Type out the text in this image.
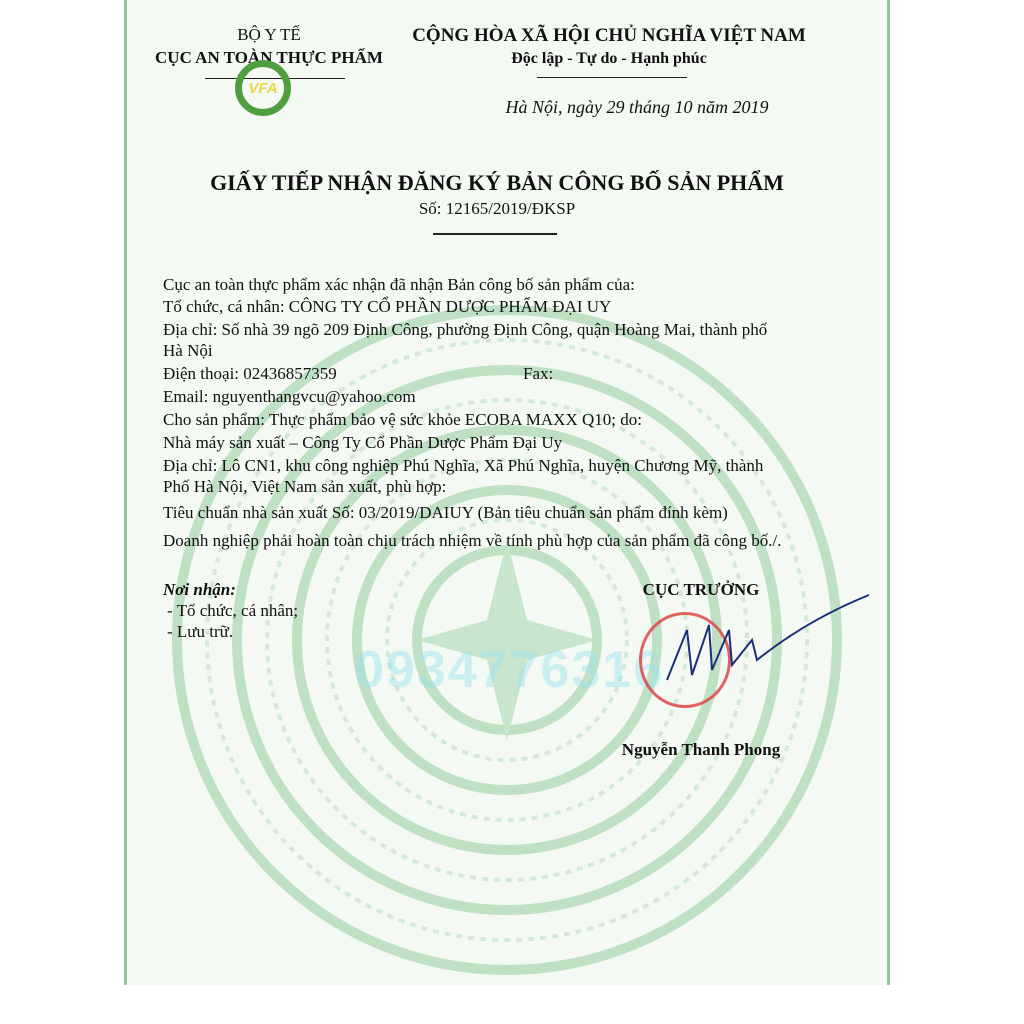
BỘ Y TẾ
CỤC AN TOÀN THỰC PHẨM
VFA
CỘNG HÒA XÃ HỘI CHỦ NGHĨA VIỆT NAM
Độc lập - Tự do - Hạnh phúc
Hà Nội, ngày 29 tháng 10 năm 2019
GIẤY TIẾP NHẬN ĐĂNG KÝ BẢN CÔNG BỐ SẢN PHẨM
Số: 12165/2019/ĐKSP
Cục an toàn thực phẩm xác nhận đã nhận Bản công bố sản phẩm của:
Tổ chức, cá nhân: CÔNG TY CỔ PHẦN DƯỢC PHẨM ĐẠI UY
Địa chỉ: Số nhà 39 ngõ 209 Định Công, phường Định Công, quận Hoàng Mai, thành phố
Hà Nội
Điện thoại: 02436857359	Fax:
Email: nguyenthangvcu@yahoo.com
Cho sản phẩm: Thực phẩm bảo vệ sức khỏe ECOBA MAXX Q10; do:
Nhà máy sản xuất – Công Ty Cổ Phần Dược Phẩm Đại Uy
Địa chỉ: Lô CN1, khu công nghiệp Phú Nghĩa, Xã Phú Nghĩa, huyện Chương Mỹ, thành
Phố Hà Nội, Việt Nam sản xuất, phù hợp:
Tiêu chuẩn nhà sản xuất Số: 03/2019/DAIUY (Bản tiêu chuẩn sản phẩm đính kèm)
Doanh nghiệp phải hoàn toàn chịu trách nhiệm về tính phù hợp của sản phẩm đã công bố./.
Nơi nhận:
- Tổ chức, cá nhân;
- Lưu trữ.
CỤC TRƯỞNG
0934776316
Nguyễn Thanh Phong
